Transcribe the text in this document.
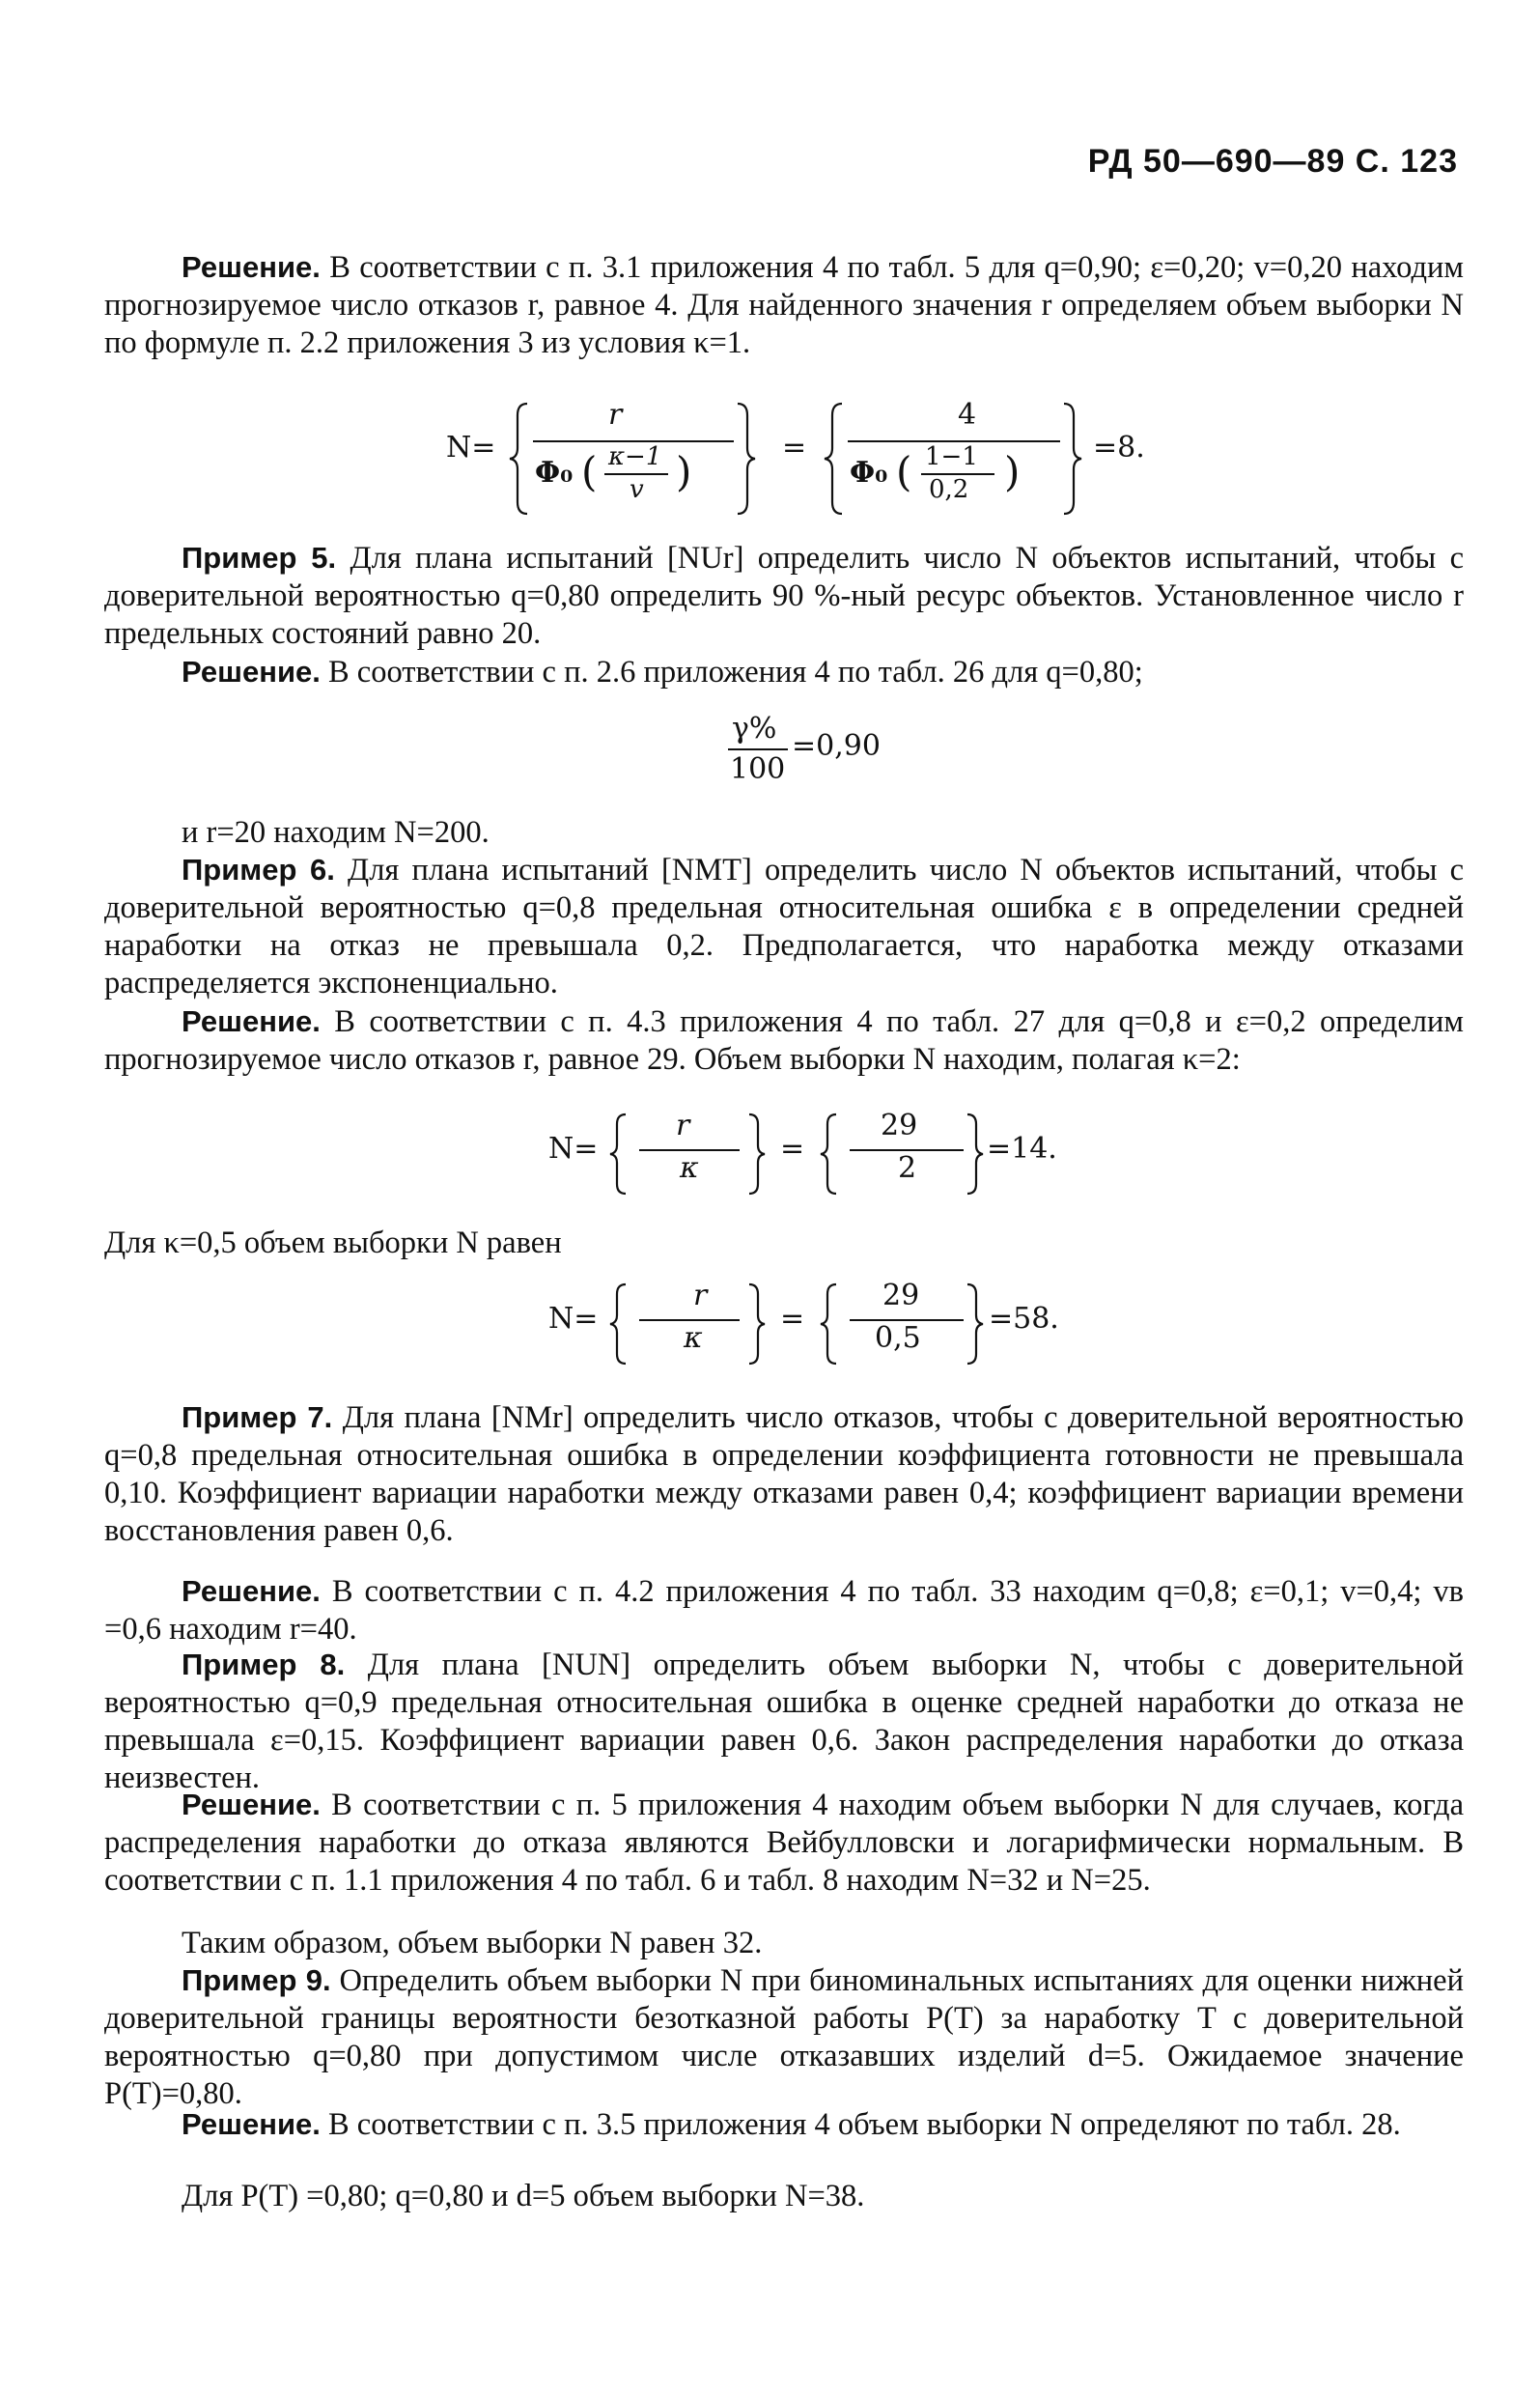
РД 50—690—89 С. 123
Решение. В соответствии с п. 3.1 приложения 4 по табл. 5 для q=0,90; ε=0,20; v=0,20 находим прогнозируемое число отказов r, равное 4. Для найденного значения r определяем объем выборки N по формуле п. 2.2 приложения 3 из условия κ=1.
N=
r
Φ₀ ( κ−1
v )
=
4
Φ₀ ( 1−1
0,2 )
=8.
Пример 5. Для плана испытаний [NUr] определить число N объектов испытаний, чтобы с доверительной вероятностью q=0,80 определить 90 %-ный ресурс объектов. Установленное число r предельных состояний равно 20.
Решение. В соответствии с п. 2.6 приложения 4 по табл. 26 для q=0,80;
γ%
100
=0,90
и r=20 находим N=200.
Пример 6. Для плана испытаний [NMT] определить число N объектов испытаний, чтобы с доверительной вероятностью q=0,8 предельная относительная ошибка ε в определении средней наработки на отказ не превышала 0,2. Предполагается, что наработка между отказами распределяется экспоненциально.
Решение. В соответствии с п. 4.3 приложения 4 по табл. 27 для q=0,8 и ε=0,2 определим прогнозируемое число отказов r, равное 29. Объем выборки N находим, полагая κ=2:
N=
r
κ
=
29
2
=14.
Для κ=0,5 объем выборки N равен
N=
r
κ
=
29
0,5
=58.
Пример 7. Для плана [NMr] определить число отказов, чтобы с доверительной вероятностью q=0,8 предельная относительная ошибка в определении коэффициента готовности не превышала 0,10. Коэффициент вариации наработки между отказами равен 0,4; коэффициент вариации времени восстановления равен 0,6.
Решение. В соответствии с п. 4.2 приложения 4 по табл. 33 находим q=0,8; ε=0,1; v=0,4; vв =0,6 находим r=40.
Пример 8. Для плана [NUN] определить объем выборки N, чтобы с доверительной вероятностью q=0,9 предельная относительная ошибка в оценке средней наработки до отказа не превышала ε=0,15. Коэффициент вариации равен 0,6. Закон распределения наработки до отказа неизвестен.
Решение. В соответствии с п. 5 приложения 4 находим объем выборки N для случаев, когда распределения наработки до отказа являются Вейбулловски и логарифмически нормальным. В соответствии с п. 1.1 приложения 4 по табл. 6 и табл. 8 находим N=32 и N=25.
Таким образом, объем выборки N равен 32.
Пример 9. Определить объем выборки N при биноминальных испытаниях для оценки нижней доверительной границы вероятности безотказной работы P(T) за наработку T с доверительной вероятностью q=0,80 при допустимом числе отказавших изделий d=5. Ожидаемое значение P(T)=0,80.
Решение. В соответствии с п. 3.5 приложения 4 объем выборки N определяют по табл. 28.
Для P(T) =0,80; q=0,80 и d=5 объем выборки N=38.
